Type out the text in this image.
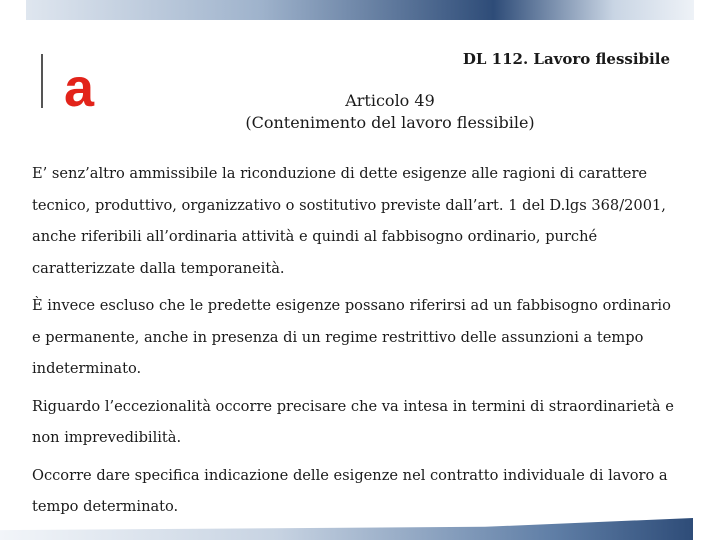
a	DL 112. Lavoro flessibile
Articolo 49
(Contenimento del lavoro flessibile)

E’ senz’altro ammissibile la riconduzione di dette esigenze alle ragioni di carattere tecnico, produttivo, organizzativo o sostitutivo previste dall’art. 1 del D.lgs 368/2001, anche riferibili all’ordinaria attività e quindi al fabbisogno ordinario, purché caratterizzate dalla temporaneità.

È invece escluso che le predette esigenze possano riferirsi ad un fabbisogno ordinario e permanente, anche in presenza di un regime restrittivo delle assunzioni a tempo indeterminato.

Riguardo l’eccezionalità occorre precisare che va intesa in termini di straordinarietà e non imprevedibilità.

Occorre dare specifica indicazione delle esigenze nel contratto individuale di lavoro a tempo determinato.
